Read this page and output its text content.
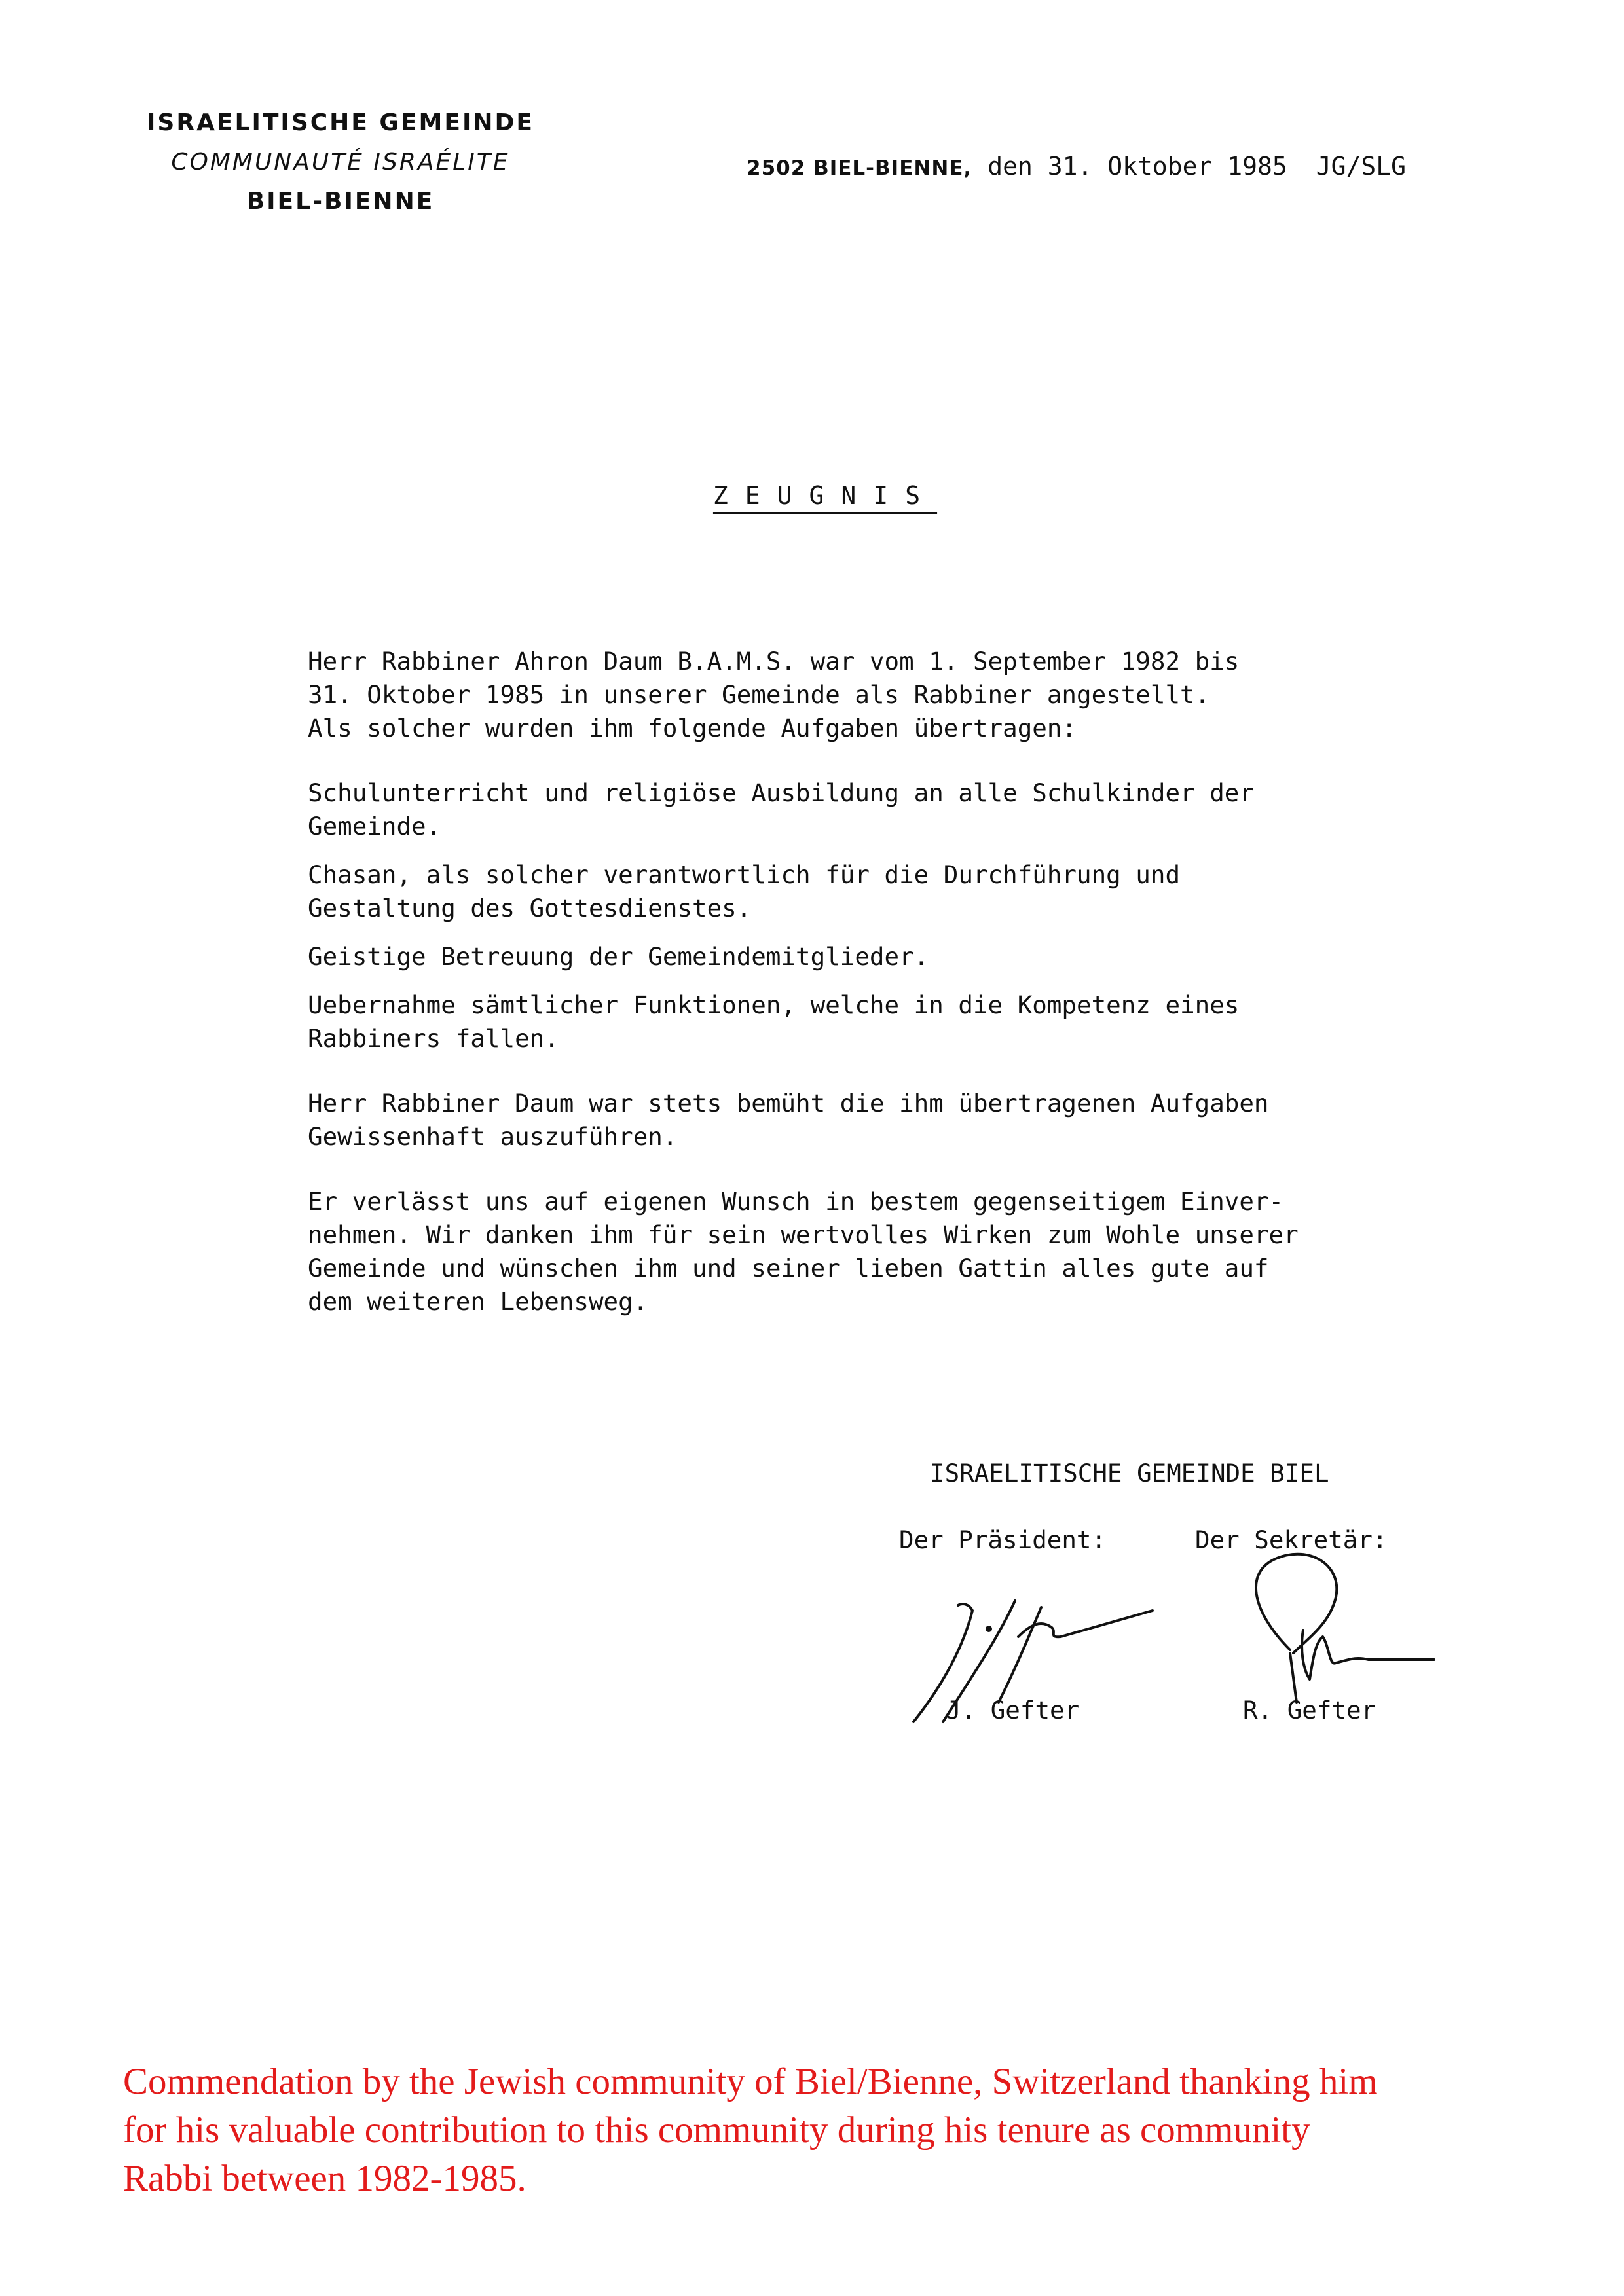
ISRAELITISCHE GEMEINDE
COMMUNAUTÉ ISRAÉLITE
BIEL-BIENNE
2502 BIEL-BIENNE, den 31. Oktober 1985 JG/SLG
ZEUGNIS

Herr Rabbiner Ahron Daum B.A.M.S. war vom 1. September 1982 bis

31. Oktober 1985 in unserer Gemeinde als Rabbiner angestellt.

Als solcher wurden ihm folgende Aufgaben übertragen:

Schulunterricht und religiöse Ausbildung an alle Schulkinder der

Gemeinde.

Chasan, als solcher verantwortlich für die Durchführung und

Gestaltung des Gottesdienstes.

Geistige Betreuung der Gemeindemitglieder.

Uebernahme sämtlicher Funktionen, welche in die Kompetenz eines

Rabbiners fallen.

Herr Rabbiner Daum war stets bemüht die ihm übertragenen Aufgaben

Gewissenhaft auszuführen.

Er verlässt uns auf eigenen Wunsch in bestem gegenseitigem Einver-

nehmen. Wir danken ihm für sein wertvolles Wirken zum Wohle unserer

Gemeinde und wünschen ihm und seiner lieben Gattin alles gute auf

dem weiteren Lebensweg.

ISRAELITISCHE GEMEINDE BIEL
Der Präsident:	Der Sekretär:
J. Gefter	R. Gefter

Commendation by the Jewish community of Biel/Bienne, Switzerland thanking him

for his valuable contribution to this community during his tenure as community

Rabbi between 1982-1985.
